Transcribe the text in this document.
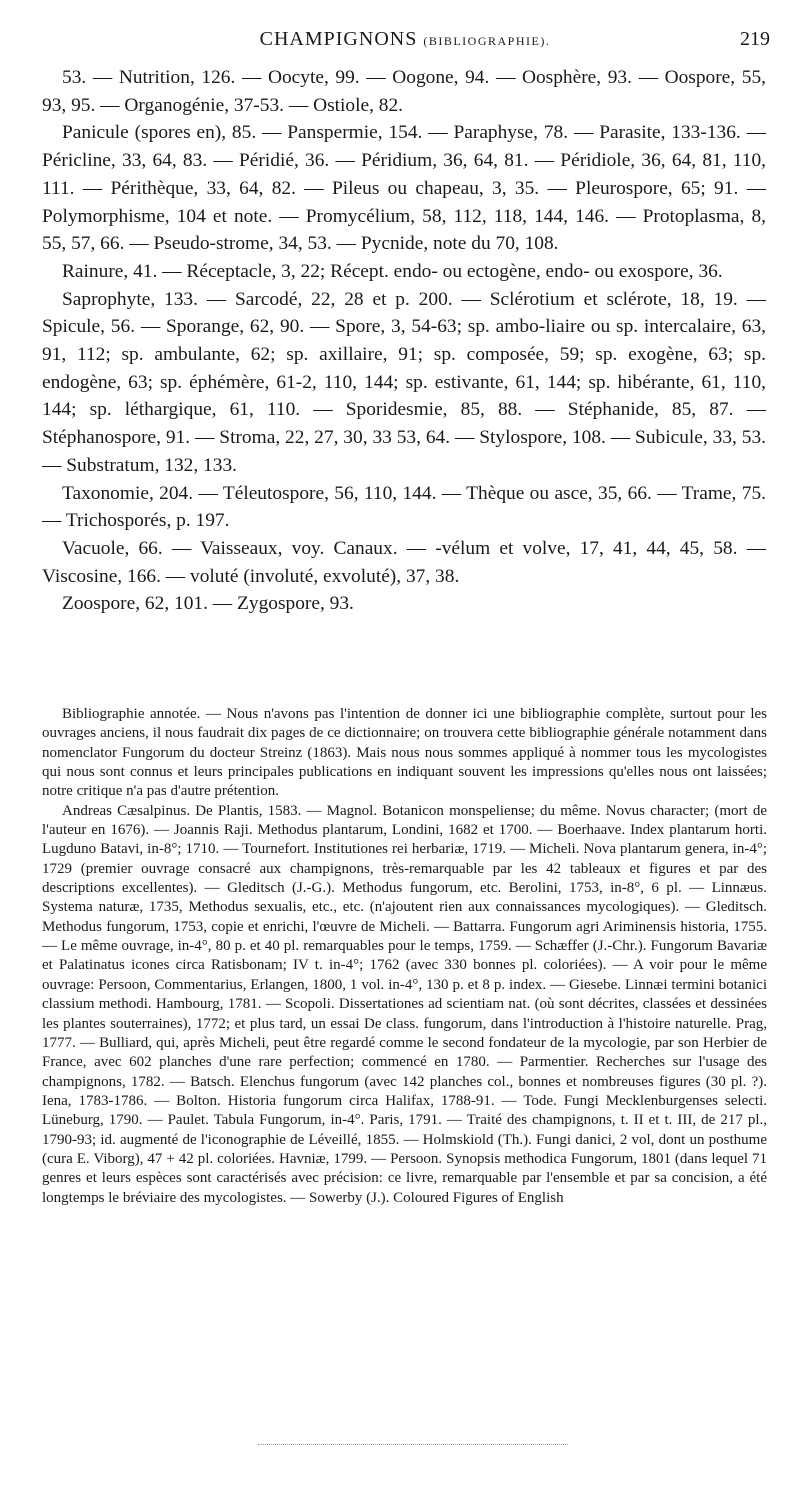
CHAMPIGNONS (BIBLIOGRAPHIE).	219

53. — Nutrition, 126. — Oocyte, 99. — Oogone, 94. — Oosphère, 93. — Oospore, 55, 93, 95. — Organogénie, 37-53. — Ostiole, 82.

Panicule (spores en), 85. — Panspermie, 154. — Paraphyse, 78. — Parasite, 133-136. — Péricline, 33, 64, 83. — Péridié, 36. — Péridium, 36, 64, 81. — Péridiole, 36, 64, 81, 110, 111. — Périthèque, 33, 64, 82. — Pileus ou chapeau, 3, 35. — Pleurospore, 65; 91. — Polymorphisme, 104 et note. — Promycélium, 58, 112, 118, 144, 146. — Protoplasma, 8, 55, 57, 66. — Pseudo-strome, 34, 53. — Pycnide, note du 70, 108.

Rainure, 41. — Réceptacle, 3, 22; Récept. endo- ou ectogène, endo- ou exospore, 36.

Saprophyte, 133. — Sarcodé, 22, 28 et p. 200. — Sclérotium et sclérote, 18, 19. — Spicule, 56. — Sporange, 62, 90. — Spore, 3, 54-63; sp. ambo-liaire ou sp. intercalaire, 63, 91, 112; sp. ambulante, 62; sp. axillaire, 91; sp. composée, 59; sp. exogène, 63; sp. endogène, 63; sp. éphémère, 61-2, 110, 144; sp. estivante, 61, 144; sp. hibérante, 61, 110, 144; sp. léthargique, 61, 110. — Sporidesmie, 85, 88. — Stéphanide, 85, 87. — Stéphanospore, 91. — Stroma, 22, 27, 30, 33 53, 64. — Stylospore, 108. — Subicule, 33, 53. — Substratum, 132, 133.

Taxonomie, 204. — Téleutospore, 56, 110, 144. — Thèque ou asce, 35, 66. — Trame, 75. — Trichosporés, p. 197.

Vacuole, 66. — Vaisseaux, voy. Canaux. — -vélum et volve, 17, 41, 44, 45, 58. — Viscosine, 166. — voluté (involuté, exvoluté), 37, 38.

Zoospore, 62, 101. — Zygospore, 93.

Bibliographie annotée. — Nous n'avons pas l'intention de donner ici une bibliographie complète, surtout pour les ouvrages anciens, il nous faudrait dix pages de ce dictionnaire; on trouvera cette bibliographie générale notamment dans nomenclator Fungorum du docteur Streinz (1863). Mais nous nous sommes appliqué à nommer tous les mycologistes qui nous sont connus et leurs principales publications en indiquant souvent les impressions qu'elles nous ont laissées; notre critique n'a pas d'autre prétention.

Andreas Cæsalpinus. De Plantis, 1583. — Magnol. Botanicon monspeliense; du même. Novus character; (mort de l'auteur en 1676). — Joannis Raji. Methodus plantarum, Londini, 1682 et 1700. — Boerhaave. Index plantarum horti. Lugduno Batavi, in-8°; 1710. — Tournefort. Institutiones rei herbariæ, 1719. — Micheli. Nova plantarum genera, in-4°; 1729 (premier ouvrage consacré aux champignons, très-remarquable par les 42 tableaux et figures et par des descriptions excellentes). — Gleditsch (J.-G.). Methodus fungorum, etc. Berolini, 1753, in-8°, 6 pl. — Linnæus. Systema naturæ, 1735, Methodus sexualis, etc., etc. (n'ajoutent rien aux connaissances mycologiques). — Gleditsch. Methodus fungorum, 1753, copie et enrichi, l'œuvre de Micheli. — Battarra. Fungorum agri Ariminensis historia, 1755. — Le même ouvrage, in-4°, 80 p. et 40 pl. remarquables pour le temps, 1759. — Schæffer (J.-Chr.). Fungorum Bavariæ et Palatinatus icones circa Ratisbonam; IV t. in-4°; 1762 (avec 330 bonnes pl. coloriées). — A voir pour le même ouvrage: Persoon, Commentarius, Erlangen, 1800, 1 vol. in-4°, 130 p. et 8 p. index. — Giesebe. Linnæi termini botanici classium methodi. Hambourg, 1781. — Scopoli. Dissertationes ad scientiam nat. (où sont décrites, classées et dessinées les plantes souterraines), 1772; et plus tard, un essai De class. fungorum, dans l'introduction à l'histoire naturelle. Prag, 1777. — Bulliard, qui, après Micheli, peut être regardé comme le second fondateur de la mycologie, par son Herbier de France, avec 602 planches d'une rare perfection; commencé en 1780. — Parmentier. Recherches sur l'usage des champignons, 1782. — Batsch. Elenchus fungorum (avec 142 planches col., bonnes et nombreuses figures (30 pl. ?). Iena, 1783-1786. — Bolton. Historia fungorum circa Halifax, 1788-91. — Tode. Fungi Mecklenburgenses selecti. Lüneburg, 1790. — Paulet. Tabula Fungorum, in-4°. Paris, 1791. — Traité des champignons, t. II et t. III, de 217 pl., 1790-93; id. augmenté de l'iconographie de Léveillé, 1855. — Holmskiold (Th.). Fungi danici, 2 vol, dont un posthume (cura E. Viborg), 47 + 42 pl. coloriées. Havniæ, 1799. — Persoon. Synopsis methodica Fungorum, 1801 (dans lequel 71 genres et leurs espèces sont caractérisés avec précision: ce livre, remarquable par l'ensemble et par sa concision, a été longtemps le bréviaire des mycologistes. — Sowerby (J.). Coloured Figures of English
